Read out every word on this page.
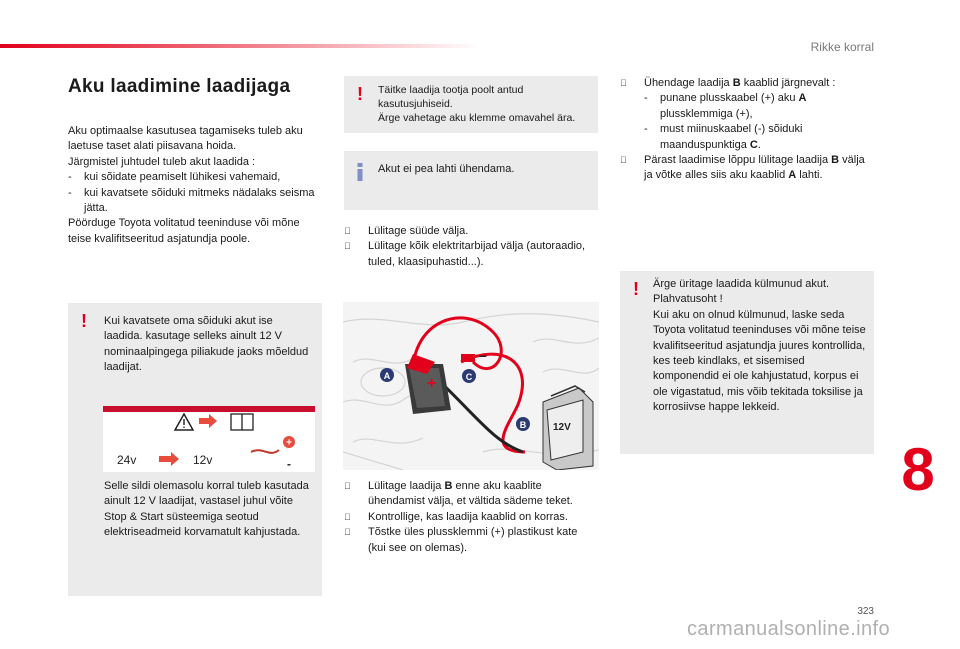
Rikke korral
Aku laadimine laadijaga
Aku optimaalse kasutusea tagamiseks tuleb aku laetuse taset alati piisavana hoida.
Järgmistel juhtudel tuleb akut laadida :
- kui sõidate peamiselt lühikesi vahemaid,
- kui kavatsete sõiduki mitmeks nädalaks seisma jätta.
Pöörduge Toyota volitatud teeninduse või mõne teise kvalifitseeritud asjatundja poole.
! Kui kavatsete oma sõiduki akut ise laadida. kasutage selleks ainult 12 V nominaalpingega piliakude jaoks mõeldud laadijat.
+
-
24v	12v
Selle sildi olemasolu korral tuleb kasutada ainult 12 V laadijat, vastasel juhul võite Stop & Start süsteemiga seotud elektriseadmeid korvamatult kahjustada.
! Täitke laadija tootja poolt antud kasutusjuhiseid.
Ärge vahetage aku klemme omavahel ära.
Akut ei pea lahti ühendama.
Lülitage süüde välja.
Lülitage kõik elektritarbijad välja (autoraadio, tuled, klaasipuhastid...).
–
+
A	C
12V
B
Lülitage laadija B enne aku kaablite ühendamist välja, et vältida sädeme teket.
Kontrollige, kas laadija kaablid on korras.
Tõstke üles plussklemmi (+) plastikust kate (kui see on olemas).
Ühendage laadija B kaablid järgnevalt :
- punane plusskaabel (+) aku A plussklemmiga (+),
- must miinuskaabel (-) sõiduki maanduspunktiga C.
Pärast laadimise lõppu lülitage laadija B välja ja võtke alles siis aku kaablid A lahti.
! Ärge üritage laadida külmunud akut.
Plahvatusoht !
Kui aku on olnud külmunud, laske seda Toyota volitatud teeninduses või mõne teise kvalifitseeritud asjatundja juures kontrollida, kes teeb kindlaks, et sisemised komponendid ei ole kahjustatud, korpus ei ole vigastatud, mis võib tekitada toksilise ja korrosiivse happe lekkeid.
8
323
carmanualsonline.info
